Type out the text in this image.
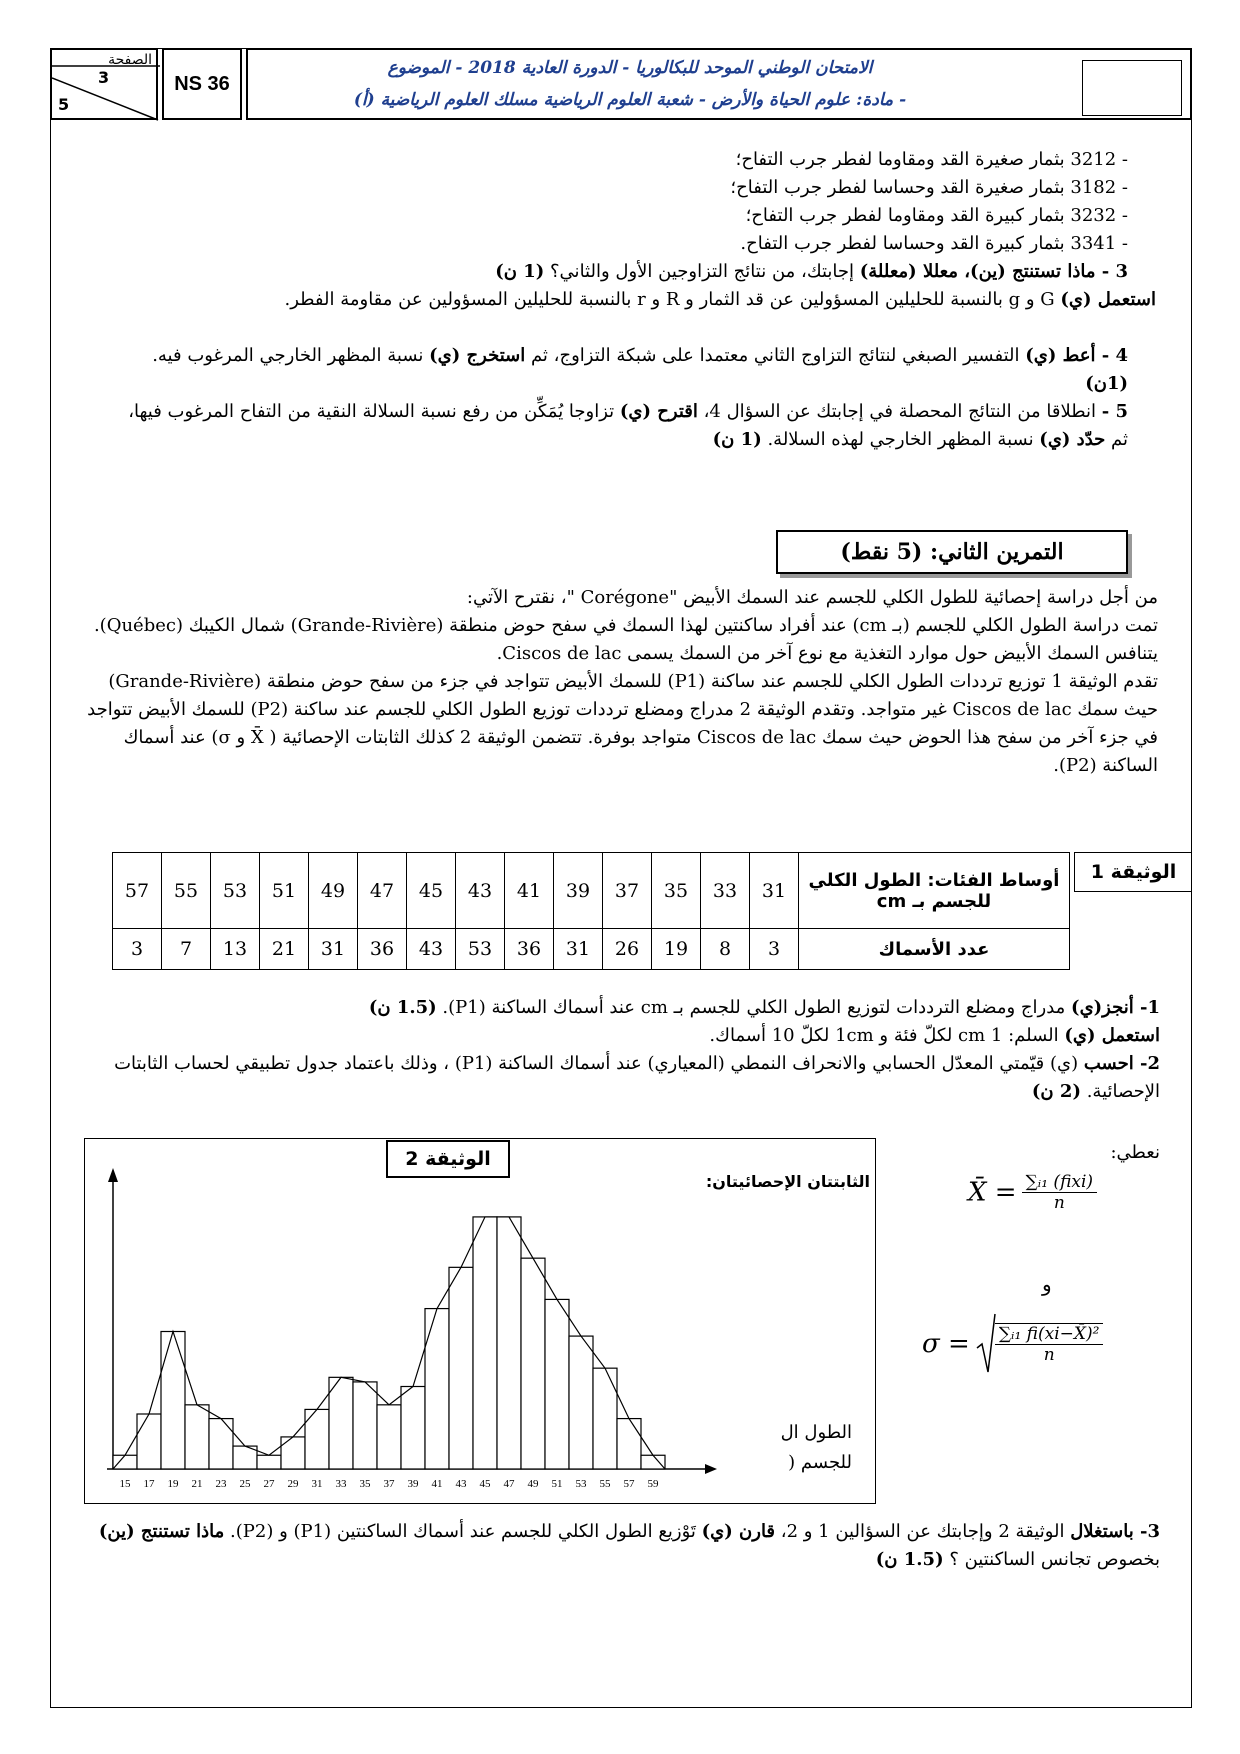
الصفحة
3
5
NS 36
الامتحان الوطني الموحد للبكالوريا - الدورة العادية 2018 - الموضوع
- مادة: علوم الحياة والأرض - شعبة العلوم الرياضية مسلك العلوم الرياضية (أ)

- 3212 بثمار صغيرة القد ومقاوما لفطر جرب التفاح؛

- 3182 بثمار صغيرة القد وحساسا لفطر جرب التفاح؛

- 3232 بثمار كبيرة القد ومقاوما لفطر جرب التفاح؛

- 3341 بثمار كبيرة القد وحساسا لفطر جرب التفاح.

3 - ماذا تستنتج (ين)، معللا (معللة) إجابتك، من نتائج التزاوجين الأول والثاني؟ (1 ن)

استعمل (ي) G و g بالنسبة للحليلين المسؤولين عن قد الثمار و R و r بالنسبة للحليلين المسؤولين عن مقاومة الفطر.

4 - أعط (ي) التفسير الصبغي لنتائج التزاوج الثاني معتمدا على شبكة التزاوج، ثم استخرج (ي) نسبة المظهر الخارجي المرغوب فيه. (1ن)

5 - انطلاقا من النتائج المحصلة في إجابتك عن السؤال 4، اقترح (ي) تزاوجا يُمَكِّن من رفع نسبة السلالة النقية من التفاح المرغوب فيها، ثم حدّد (ي) نسبة المظهر الخارجي لهذه السلالة. (1 ن)

التمرين الثاني: (5 نقط)

من أجل دراسة إحصائية للطول الكلي للجسم عند السمك الأبيض "Corégone "، نقترح الآتي:

تمت دراسة الطول الكلي للجسم (بـ cm) عند أفراد ساكنتين لهذا السمك في سفح حوض منطقة (Grande-Rivière) شمال الكيبك (Québec). يتنافس السمك الأبيض حول موارد التغذية مع نوع آخر من السمك يسمى Ciscos de lac.

تقدم الوثيقة 1 توزيع ترددات الطول الكلي للجسم عند ساكنة (P1) للسمك الأبيض تتواجد في جزء من سفح حوض منطقة (Grande-Rivière) حيث سمك Ciscos de lac غير متواجد. وتقدم الوثيقة 2 مدراج ومضلع ترددات توزيع الطول الكلي للجسم عند ساكنة (P2) للسمك الأبيض تتواجد في جزء آخر من سفح هذا الحوض حيث سمك Ciscos de lac متواجد بوفرة. تتضمن الوثيقة 2 كذلك الثابتات الإحصائية ( X̄ و σ) عند أسماك الساكنة (P2).

الوثيقة 1
57	55	53	51	49	47	45	43	41	39	37	35	33	31	أوساط الفئات: الطول الكلي للجسم بـ cm
3	7	13	21	31	36	43	53	36	31	26	19	8	3	عدد الأسماك

1- أنجز(ي) مدراج ومضلع الترددات لتوزيع الطول الكلي للجسم بـ cm عند أسماك الساكنة (P1). (1.5 ن)

استعمل (ي) السلم: 1 cm لكلّ فئة و 1cm لكلّ 10 أسماك.

2- احسب (ي) قيّمتي المعدّل الحسابي والانحراف النمطي (المعياري) عند أسماك الساكنة (P1) ، وذلك باعتماد جدول تطبيقي لحساب الثابتات الإحصائية. (2 ن)

نعطي:
X̄ = $\frac{\text{∑ᵢ₁ (fixi)}}{n}$
و
$\sigma = \frac{\text{∑ᵢ₁ fi(xi−X̄)²}}{n}$
15 17 19 21 23 25 27 29 31 33 35 37 39 41 43 45 47 49 51 53 55 57 59
الوثيقة 2
الثابتتان الإحصائيتان:
الطول ال
للجسم (

3- باستغلال الوثيقة 2 وإجابتك عن السؤالين 1 و 2، قارن (ي) تَوْزيع الطول الكلي للجسم عند أسماك الساكنتين (P1) و (P2). ماذا تستنتج (ين) بخصوص تجانس الساكنتين ؟ (1.5 ن)
